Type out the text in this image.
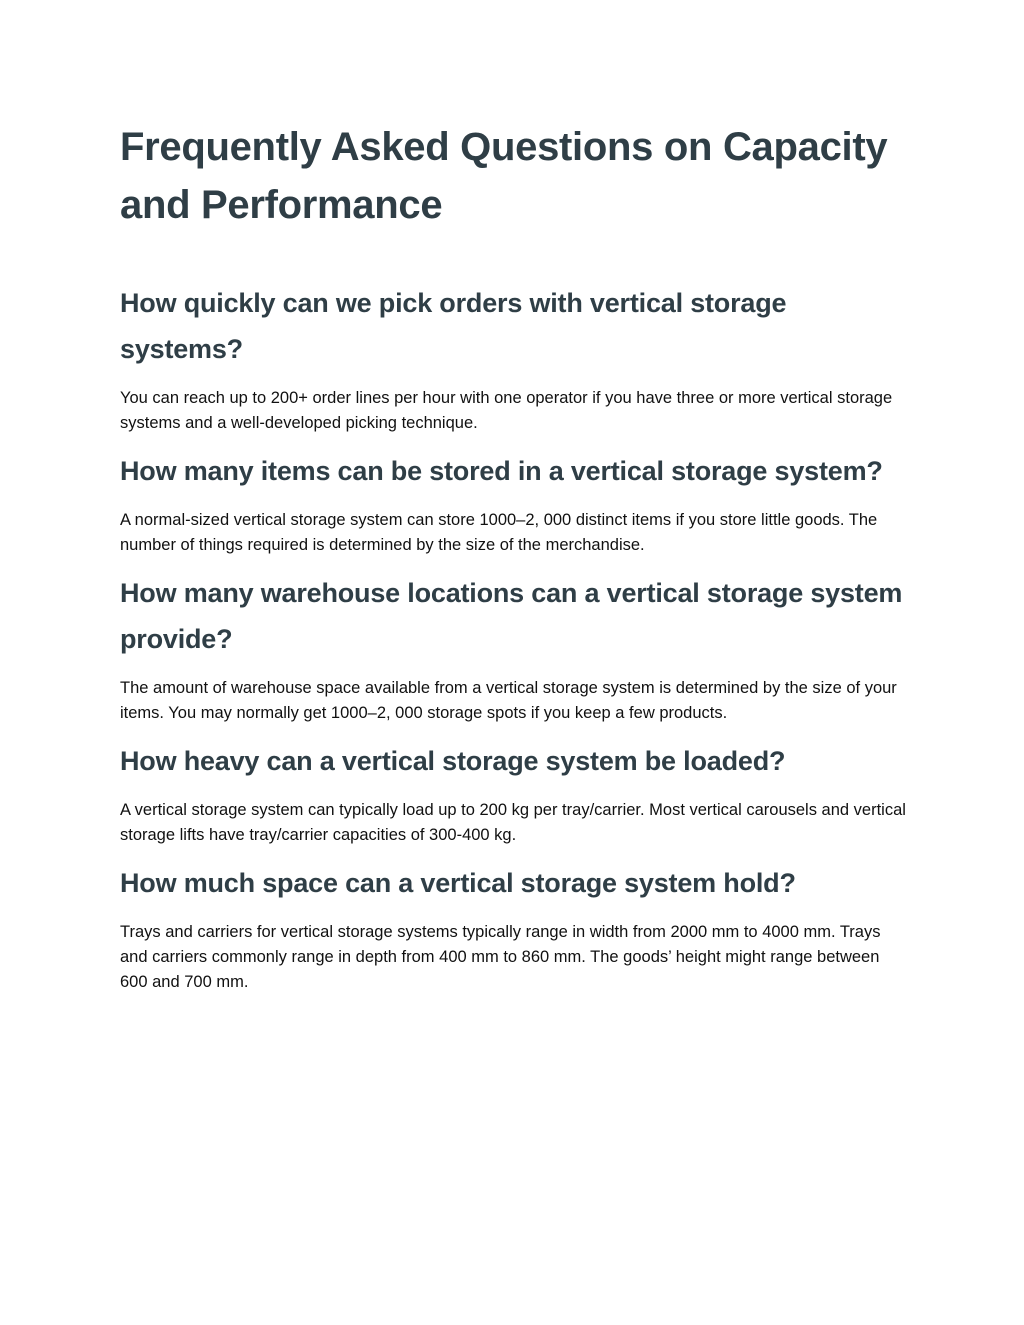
Frequently Asked Questions on Capacity and Performance
How quickly can we pick orders with vertical storage systems?

You can reach up to 200+ order lines per hour with one operator if you have three or more vertical storage systems and a well-developed picking technique.

How many items can be stored in a vertical storage system?

A normal-sized vertical storage system can store 1000–2, 000 distinct items if you store little goods. The number of things required is determined by the size of the merchandise.

How many warehouse locations can a vertical storage system provide?

The amount of warehouse space available from a vertical storage system is determined by the size of your items. You may normally get 1000–2, 000 storage spots if you keep a few products.

How heavy can a vertical storage system be loaded?

A vertical storage system can typically load up to 200 kg per tray/carrier. Most vertical carousels and vertical storage lifts have tray/carrier capacities of 300-400 kg.

How much space can a vertical storage system hold?

Trays and carriers for vertical storage systems typically range in width from 2000 mm to 4000 mm. Trays and carriers commonly range in depth from 400 mm to 860 mm. The goods’ height might range between 600 and 700 mm.
